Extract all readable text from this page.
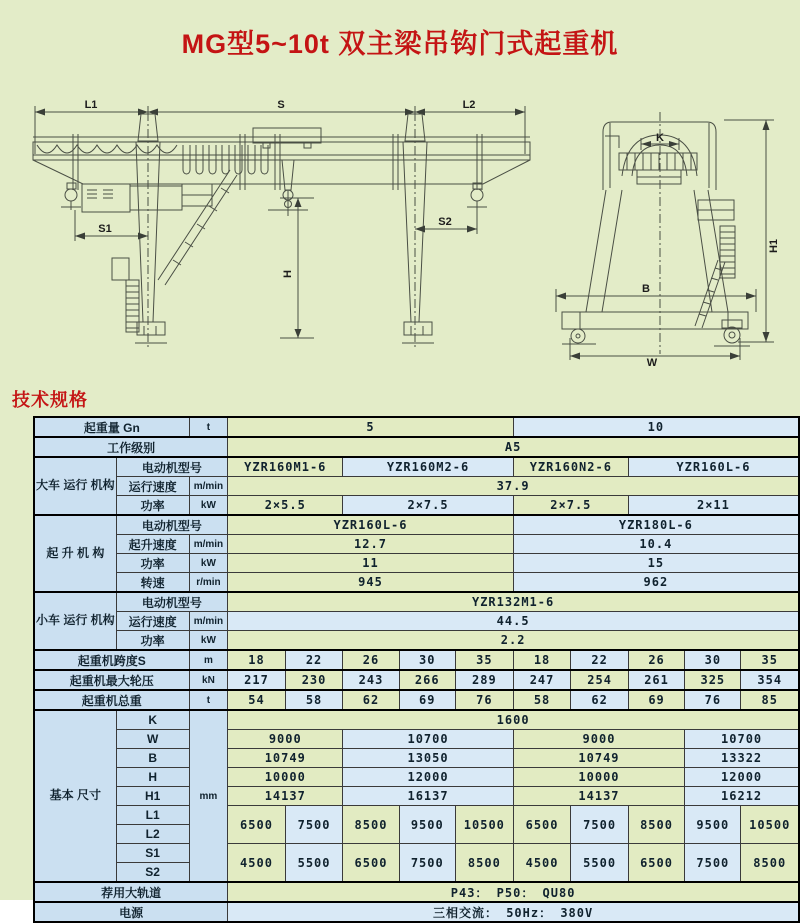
MG型5~10t 双主梁吊钩门式起重机
L1	S	L2
H
S1
S2
H1
K
B
W
技术规格
起重量 Gn		t	5					10				
工作级别			A5									
大车 运行 机构	电动机型号		YZR160M1-6		YZR160M2-6			YZR160N2-6		YZR160L-6		
	运行速度	m/min	37.9									
	功率	kW	2×5.5		2×7.5			2×7.5		2×11		
起 升 机 构	电动机型号		YZR160L-6					YZR180L-6				
	起升速度	m/min	12.7					10.4				
	功率	kW	11					15				
	转速	r/min	945					962				
小车 运行 机构	电动机型号		YZR132M1-6									
	运行速度	m/min	44.5									
	功率	kW	2.2									
起重机跨度S		m	18	22	26	30	35	18	22	26	30	35
起重机最大轮压		kN	217	230	243	266	289	247	254	261	325	354
起重机总重		t	54	58	62	69	76	58	62	69	76	85
基本 尺寸	K	mm	1600									
	W		9000		10700			9000			10700	
	B		10749		13050			10749			13322	
	H		10000		12000			10000			12000	
	H1		14137		16137			14137			16212	
	L1		6500	7500	8500	9500	10500	6500	7500	8500	9500	10500
	L2											
	S1		4500	5500	6500	7500	8500	4500	5500	6500	7500	8500
	S2											
荐用大轨道			P43： P50： QU80									
电源			三相交流： 50Hz： 380V									
